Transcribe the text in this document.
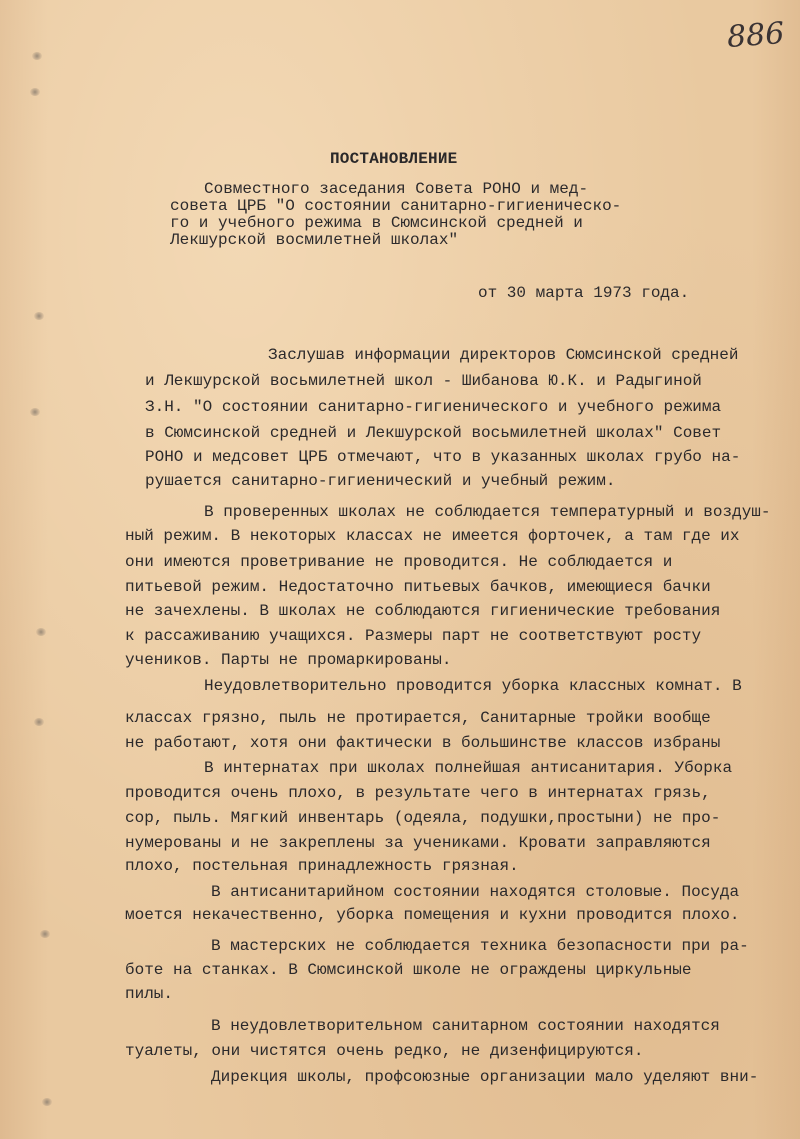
886
ПОСТАНОВЛЕНИЕ
Совместного заседания Совета РОНО и мед-
совета ЦРБ "О состоянии санитарно-гигиеническо-
го и учебного режима в Сюмсинской средней и
Лекшурской восмилетней школах"

от 30 марта 1973 года.

Заслушав информации директоров Сюмсинской средней

и Лекшурской восьмилетней школ - Шибанова Ю.К. и Радыгиной

З.Н. "О состоянии санитарно-гигиенического и учебного режима

в Сюмсинской средней и Лекшурской восьмилетней школах" Совет

РОНО и медсовет ЦРБ отмечают, что в указанных школах грубо на-

рушается санитарно-гигиенический и учебный режим.

В проверенных школах не соблюдается температурный и воздуш-

ный режим. В некоторых классах не имеется форточек, а там где их

они имеются проветривание не проводится. Не соблюдается и

питьевой режим. Недостаточно питьевых бачков, имеющиеся бачки

не зачехлены. В школах не соблюдаются гигиенические требования

к рассаживанию учащихся. Размеры парт не соответствуют росту

учеников. Парты не промаркированы.

Неудовлетворительно проводится уборка классных комнат. В

классах грязно, пыль не протирается, Санитарные тройки вообще

не работают, хотя они фактически в большинстве классов избраны

В интернатах при школах полнейшая антисанитария. Уборка

проводится очень плохо, в результате чего в интернатах грязь,

сор, пыль. Мягкий инвентарь (одеяла, подушки,простыни) не про-

нумерованы и не закреплены за учениками. Кровати заправляются

плохо, постельная принадлежность грязная.

В антисанитарийном состоянии находятся столовые. Посуда

моется некачественно, уборка помещения и кухни проводится плохо.

В мастерских не соблюдается техника безопасности при ра-

боте на станках. В Сюмсинской школе не ограждены циркульные

пилы.

В неудовлетворительном санитарном состоянии находятся

туалеты, они чистятся очень редко, не дизенфицируются.

Дирекция школы, профсоюзные организации мало уделяют вни-
